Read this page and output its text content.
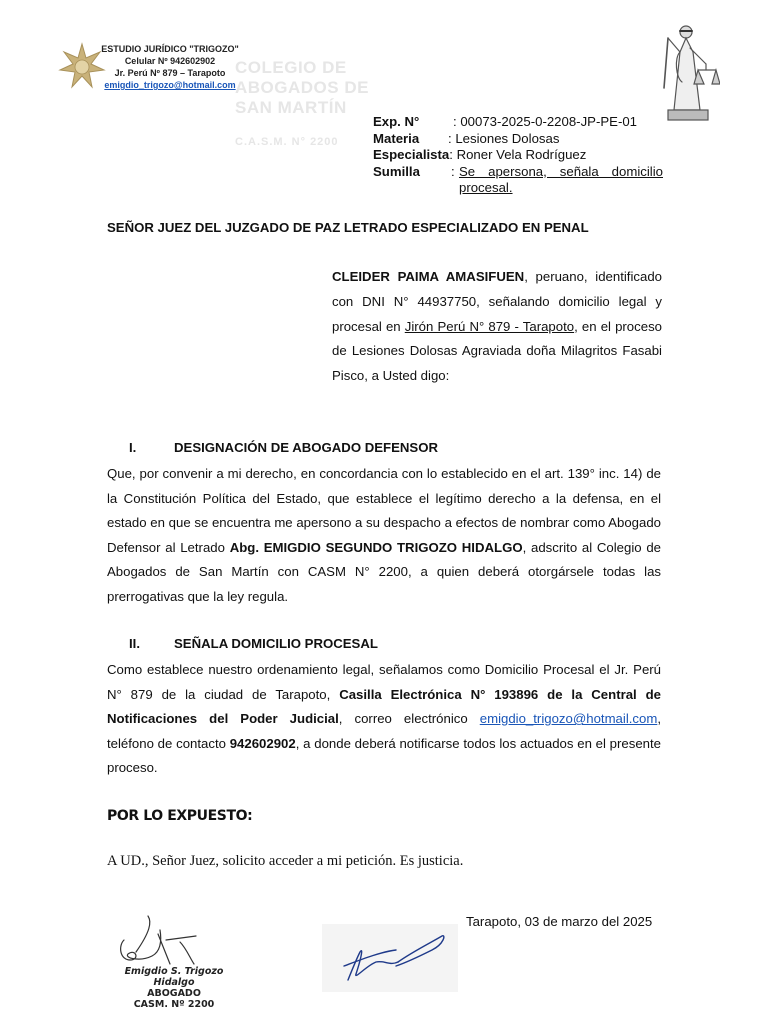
ESTUDIO JURÍDICO "TRIGOZO"
Celular Nº 942602902
Jr. Perú Nº 879 – Tarapoto
emigdio_trigozo@hotmail.com
COLEGIO DE
ABOGADOS DE
SAN MARTÍN
C.A.S.M. N° 2200
Exp. N°	: 00073-2025-0-2208-JP-PE-01
Materia	: Lesiones Dolosas
Especialista : Roner Vela Rodríguez
Sumilla	: Se apersona, señala domicilio procesal.
SEÑOR JUEZ DEL JUZGADO DE PAZ LETRADO ESPECIALIZADO EN PENAL
CLEIDER PAIMA AMASIFUEN, peruano, identificado con DNI N° 44937750, señalando domicilio legal y procesal en Jirón Perú N° 879 - Tarapoto, en el proceso de Lesiones Dolosas Agraviada doña Milagritos Fasabi Pisco, a Usted digo:
I.	DESIGNACIÓN DE ABOGADO DEFENSOR
Que, por convenir a mi derecho, en concordancia con lo establecido en el art. 139° inc. 14) de la Constitución Política del Estado, que establece el legítimo derecho a la defensa, en el estado en que se encuentra me apersono a su despacho a efectos de nombrar como Abogado Defensor al Letrado Abg. EMIGDIO SEGUNDO TRIGOZO HIDALGO, adscrito al Colegio de Abogados de San Martín con CASM N° 2200, a quien deberá otorgársele todas las prerrogativas que la ley regula.
II.	SEÑALA DOMICILIO PROCESAL
Como establece nuestro ordenamiento legal, señalamos como Domicilio Procesal el Jr. Perú N° 879 de la ciudad de Tarapoto, Casilla Electrónica N° 193896 de la Central de Notificaciones del Poder Judicial, correo electrónico emigdio_trigozo@hotmail.com, teléfono de contacto 942602902, a donde deberá notificarse todos los actuados en el presente proceso.
POR LO EXPUESTO:
A UD., Señor Juez, solicito acceder a mi petición. Es justicia.
Tarapoto, 03 de marzo del 2025
Emigdio S. Trigozo Hidalgo
ABOGADO
CASM. Nº 2200
